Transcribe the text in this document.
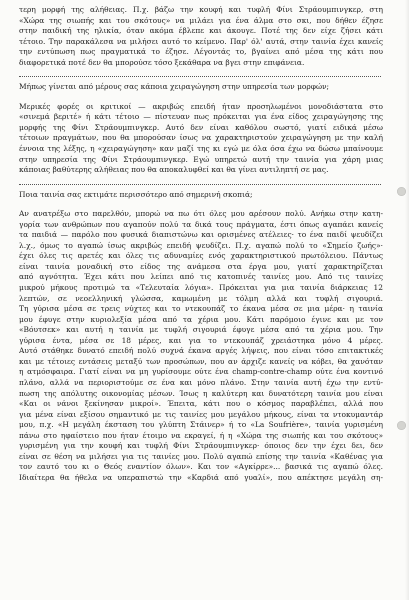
τερη μορφή της αλήθειας. Π.χ. βάζω την κουφή και τυφλή Φίνι Στράουμπινγκερ, στη
«Χώρα της σιωπής και του σκότους» να μιλάει για ένα άλμα στο σκι, που δήθεν έζησε
στην παιδική της ηλικία, όταν ακόμα έβλεπε και άκουγε. Ποτέ της δεν είχε ζήσει κάτι
τέτοιο. Την παρακάλεσα να μιλήσει αυτό το κείμενο. Παρ' όλ' αυτά, στην ταινία έχει κανείς
την εντύπωση πως πραγματικά το έζησε. Λέγοντάς το, βγαίνει από μέσα της κάτι που
διαφορετικά ποτέ δεν θα μπορούσε τόσο ξεκάθαρα να βγει στην επιφάνεια.
Μήπως γίνεται από μέρους σας κάποια χειραγώγηση στην υπηρεσία των μορφών;
Μερικές φορές οι κριτικοί — ακριβώς επειδή ήταν προσηλωμένοι μονοδιάστατα στο
«σινεμά βεριτέ» ή κάτι τέτοιο — πίστευαν πως πρόκειται για ένα είδος χειραγώγησης της
μορφής της Φίνι Στράουμπινγκερ. Αυτό δεν είναι καθόλου σωστό, γιατί ειδικά μέσω
τέτοιων πραγμάτων, που θα μπορούσαν ίσως να χαρακτηριστούν χειραγώγηση με την καλή
έννοια της λέξης, η «χειραγώγηση» καν μαζί της κι εγώ με όλα όσα έχω να δώσω μπαίνουμε
στην υπηρεσία της Φίνι Στράουμπινγκερ. Εγώ υπηρετώ αυτή την ταινία για χάρη μιας
κάποιας βαθύτερης αλήθειας που θα αποκαλυφθεί και θα γίνει αντιληπτή σε μας.
Ποια ταινία σας εκτιμάτε περισσότερο από σημερινή σκοπιά;
Αν ανατρέξω στο παρελθόν, μπορώ να πω ότι όλες μου αρέσουν πολύ. Ανήκω στην κατη-
γορία των ανθρώπων που αγαπούν πολύ τα δικά τους πράγματα, έστι όπως αγαπάει κανείς
τα παιδιά — παρόλο που φυσικά διαπιστώνω και ορισμένες ατέλειες· το ένα παιδί ψευδίζει
λ.χ., όμως το αγαπώ ίσως ακριβώς επειδή ψευδίζει. Π.χ. αγαπώ πολύ το «Σημείο ζωής»·
έχει όλες τις αρετές και όλες τις αδυναμίες ενός χαρακτηριστικού πρωτόλειου. Πάντως
είναι ταινία μοναδική στο είδος της ανάμεσα στα έργα μου, γιατί χαρακτηρίζεται
από αγνότητα. Έχει κάτι που λείπει από τις κατοπινές ταινίες μου. Από τις ταινίες
μικρού μήκους προτιμώ τα «Τελευταία λόγια». Πρόκειται για μια ταινία διάρκειας 12
λεπτών, σε νεοελληνική γλώσσα, καμωμένη με τόλμη αλλά και τυφλή σιγουριά.
Τη γύρισα μέσα σε τρεις νύχτες και το ντεκουπάζ το έκανα μέσα σε μια μέρα· η ταινία
μου έφυγε στην κυριολεξία μέσα από τα χέρια μου. Κάτι παρόμοιο έγινε και με τον
«Βόυτσεκ» και αυτή η ταινία με τυφλή σιγουριά έφυγε μέσα από τα χέρια μου. Την
γύρισα έντα, μέσα σε 18 μέρες, και για το ντεκουπάζ χρειάστηκα μόνο 4 μέρες.
Αυτό στάθηκε δυνατό επειδή πολύ συχνά έκανα αργές λήψεις, που είναι τόσο επιτακτικές
και με τέτοιες εντάσεις μεταξύ των προσώπων, που αν άρχιζε κανείς να κόβει, θα χανόταν
η ατμόσφαιρα. Γιατί είναι να μη γυρίσουμε ούτε ένα champ-contre-champ ούτε ένα κοντινό
πλάνο, αλλά να περιοριστούμε σε ένα και μόνο πλάνο. Στην ταινία αυτή έχω την εντύ-
πωση της απόλυτης οικονομίας μέσων. Ίσως η καλύτερη και δυνατότερη ταινία μου είναι
«Και οι νάνοι ξεκίνησαν μικροί». Έπειτα, κάτι που ο κόσμος παραβλέπει, αλλά που
για μένα είναι εξίσου σημαντικό με τις ταινίες μου μεγάλου μήκους, είναι τα ντοκυμαντάρ
μου, π.χ. «Η μεγάλη έκσταση του γλύπτη Στάινερ» ή το «La Soufrière», ταινία γυρισμένη
πάνω στο ηφαίστειο που ήταν έτοιμο να εκραγεί, ή η «Χώρα της σιωπής και του σκότους»
γυρισμένη για την κουφή και τυφλή Φίνι Στράουμπινγκερ· όποιος δεν την έχει δει, δεν
είναι σε θέση να μιλήσει για τις ταινίες μου. Πολύ αγαπώ επίσης την ταινία «Καθένας για
τον εαυτό του κι ο Θεός εναντίον όλων». Και τον «Αγκίρρε»... βασικά τις αγαπώ όλες.
Ιδιαίτερα θα ήθελα να υπεραπιστώ την «Καρδιά από γυαλί», που απέκτησε μεγάλη ση-
